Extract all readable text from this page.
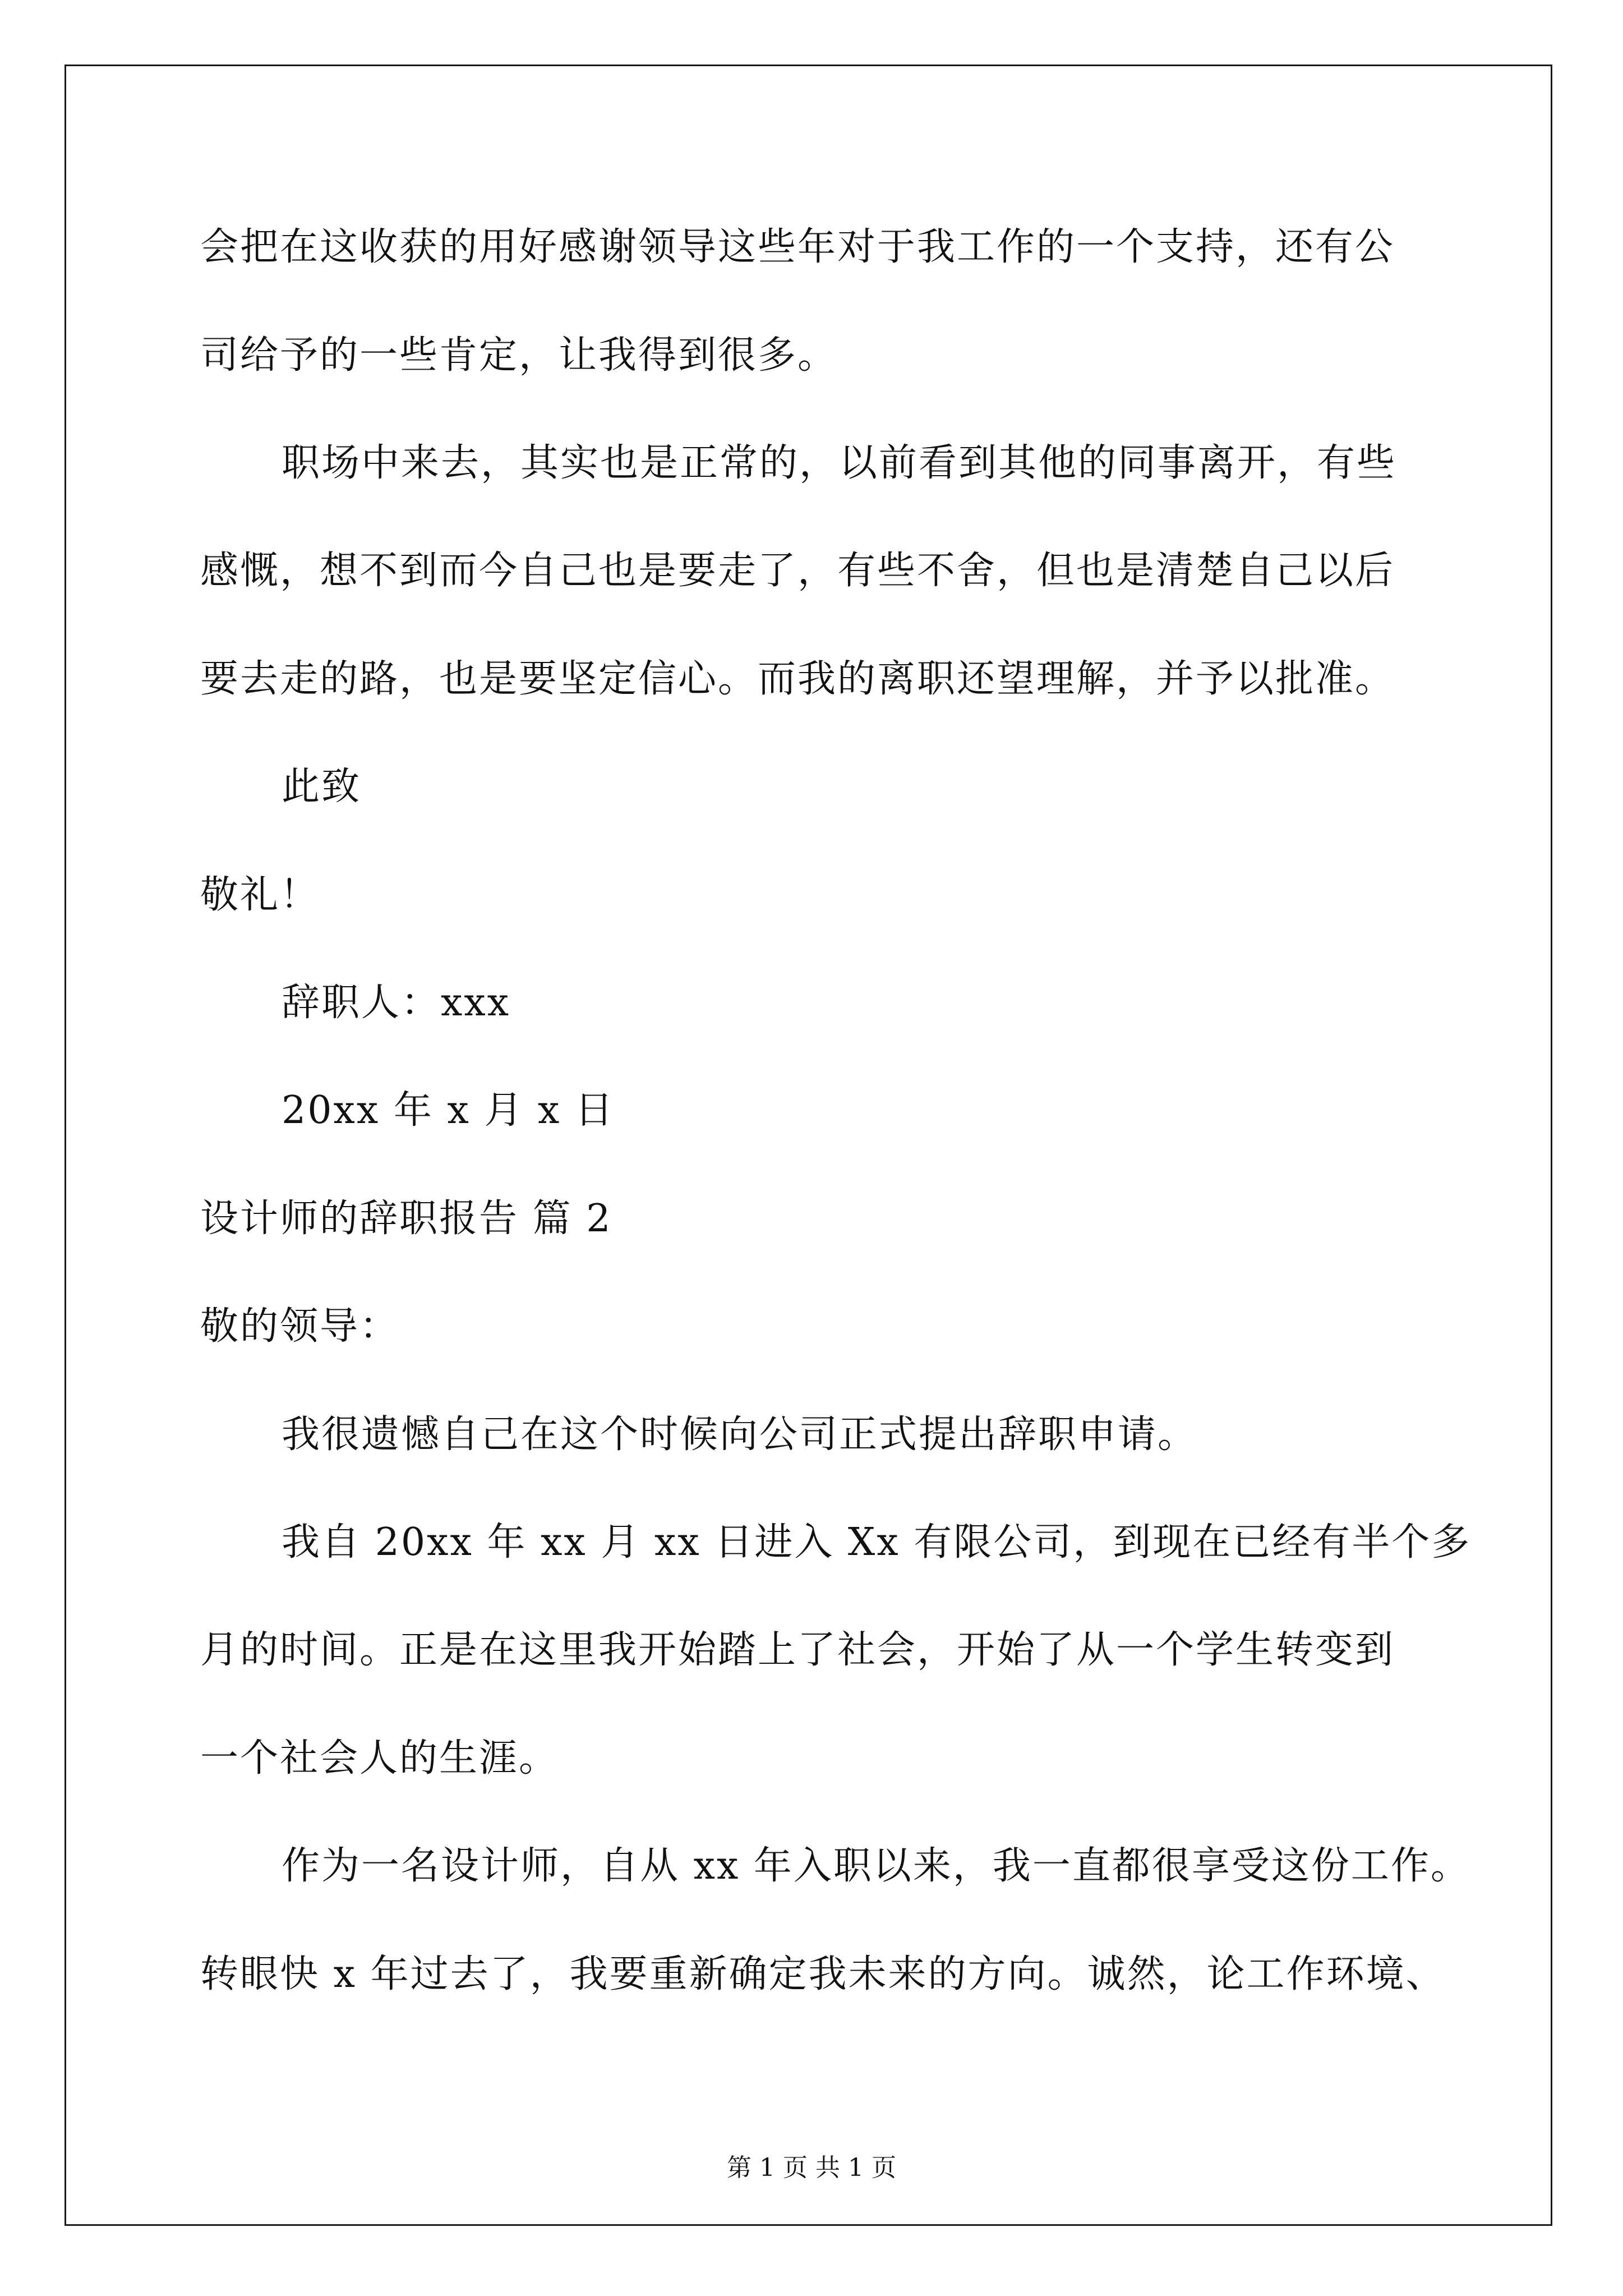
会把在这收获的用好感谢领导这些年对于我工作的一个支持，还有公
司给予的一些肯定，让我得到很多。
职场中来去，其实也是正常的，以前看到其他的同事离开，有些
感慨，想不到而今自己也是要走了，有些不舍，但也是清楚自己以后
要去走的路，也是要坚定信心。而我的离职还望理解，并予以批准。
此致
敬礼！
辞职人：xxx
20xx 年 x 月 x 日
设计师的辞职报告 篇 2
敬的领导：
我很遗憾自己在这个时候向公司正式提出辞职申请。
我自 20xx 年 xx 月 xx 日进入 Xx 有限公司，到现在已经有半个多
月的时间。正是在这里我开始踏上了社会，开始了从一个学生转变到
一个社会人的生涯。
作为一名设计师，自从 xx 年入职以来，我一直都很享受这份工作。
转眼快 x 年过去了，我要重新确定我未来的方向。诚然，论工作环境、
第 1 页 共 1 页
